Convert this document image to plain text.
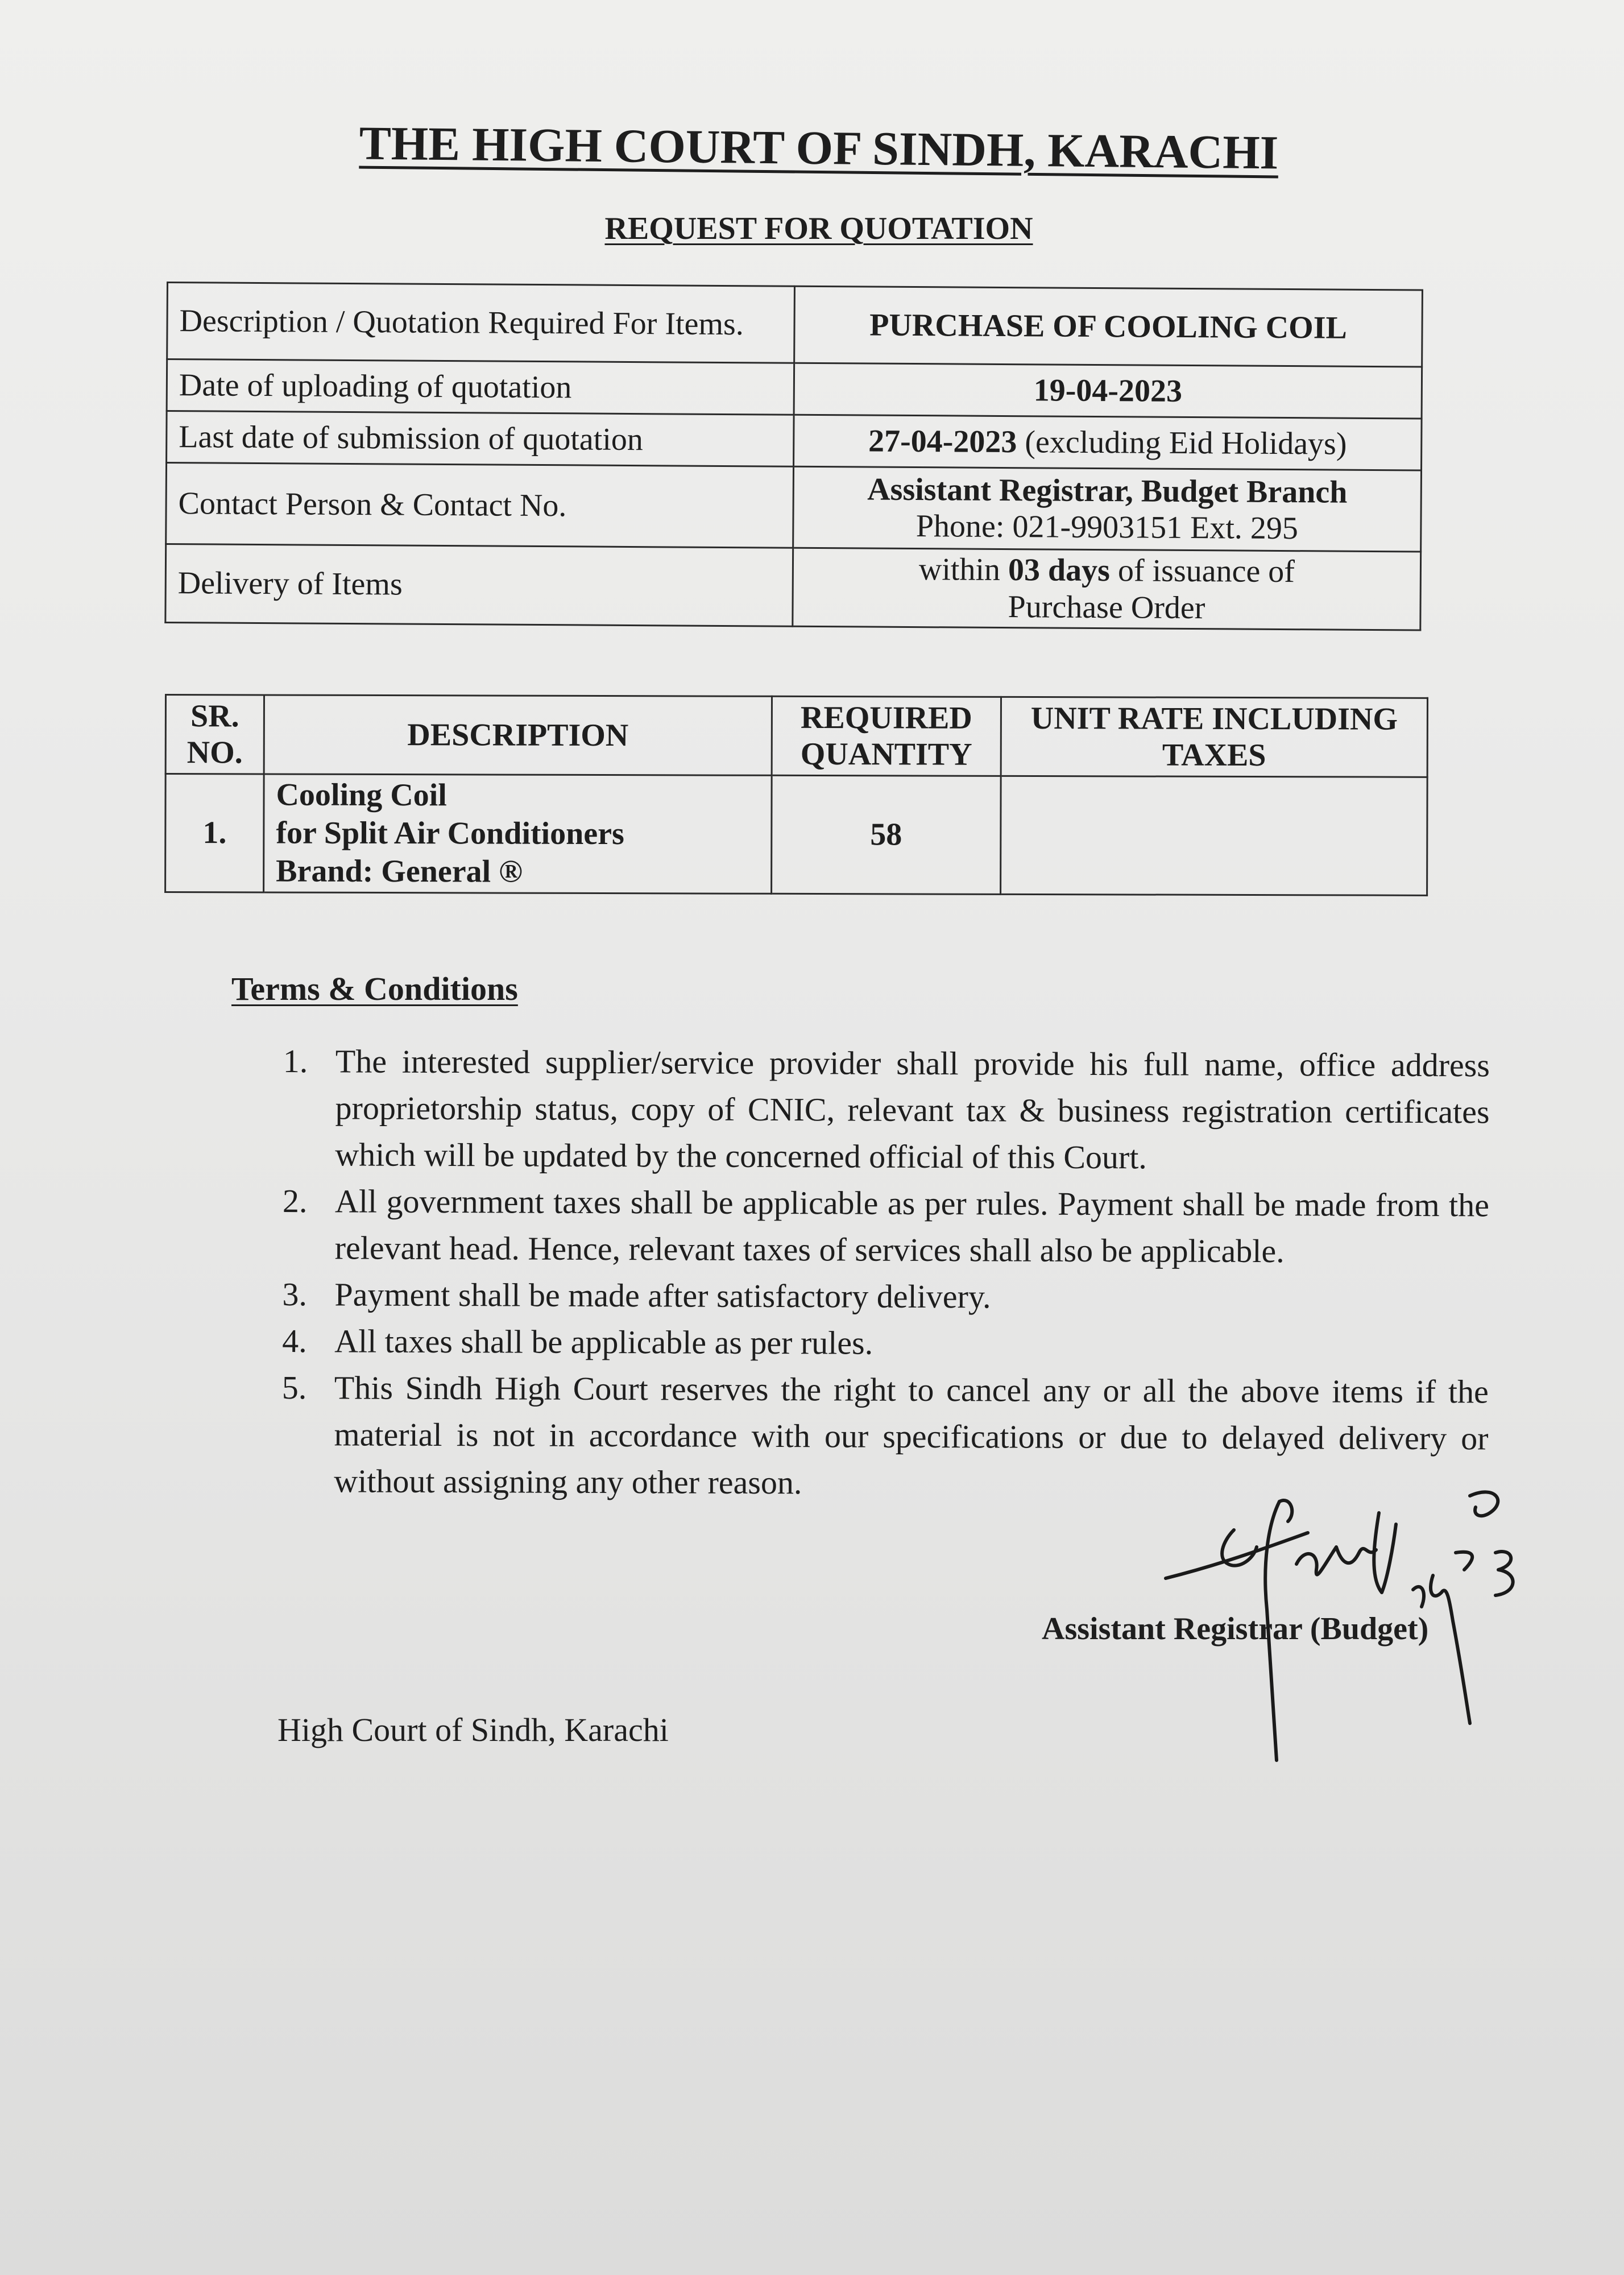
THE HIGH COURT OF SINDH, KARACHI
REQUEST FOR QUOTATION
Description / Quotation Required For Items.	PURCHASE OF COOLING COIL
Date of uploading of quotation	19-04-2023
Last date of submission of quotation	27-04-2023 (excluding Eid Holidays)
Contact Person & Contact No.	Assistant Registrar, Budget Branch
Phone: 021-9903151 Ext. 295

Delivery of Items	within 03 days of issuance of
Purchase Order
SR. NO.	DESCRIPTION	REQUIRED QUANTITY	UNIT RATE INCLUDING TAXES
1.	Cooling Coil
for Split Air Conditioners
Brand: General ®	58	
Terms & Conditions
1. The interested supplier/service provider shall provide his full name, office address proprietorship status, copy of CNIC, relevant tax & business registration certificates which will be updated by the concerned official of this Court.
2. All government taxes shall be applicable as per rules. Payment shall be made from the relevant head. Hence, relevant taxes of services shall also be applicable.
3. Payment shall be made after satisfactory delivery.
4. All taxes shall be applicable as per rules.
5. This Sindh High Court reserves the right to cancel any or all the above items if the material is not in accordance with our specifications or due to delayed delivery or without assigning any other reason.
Assistant Registrar (Budget)
High Court of Sindh, Karachi
